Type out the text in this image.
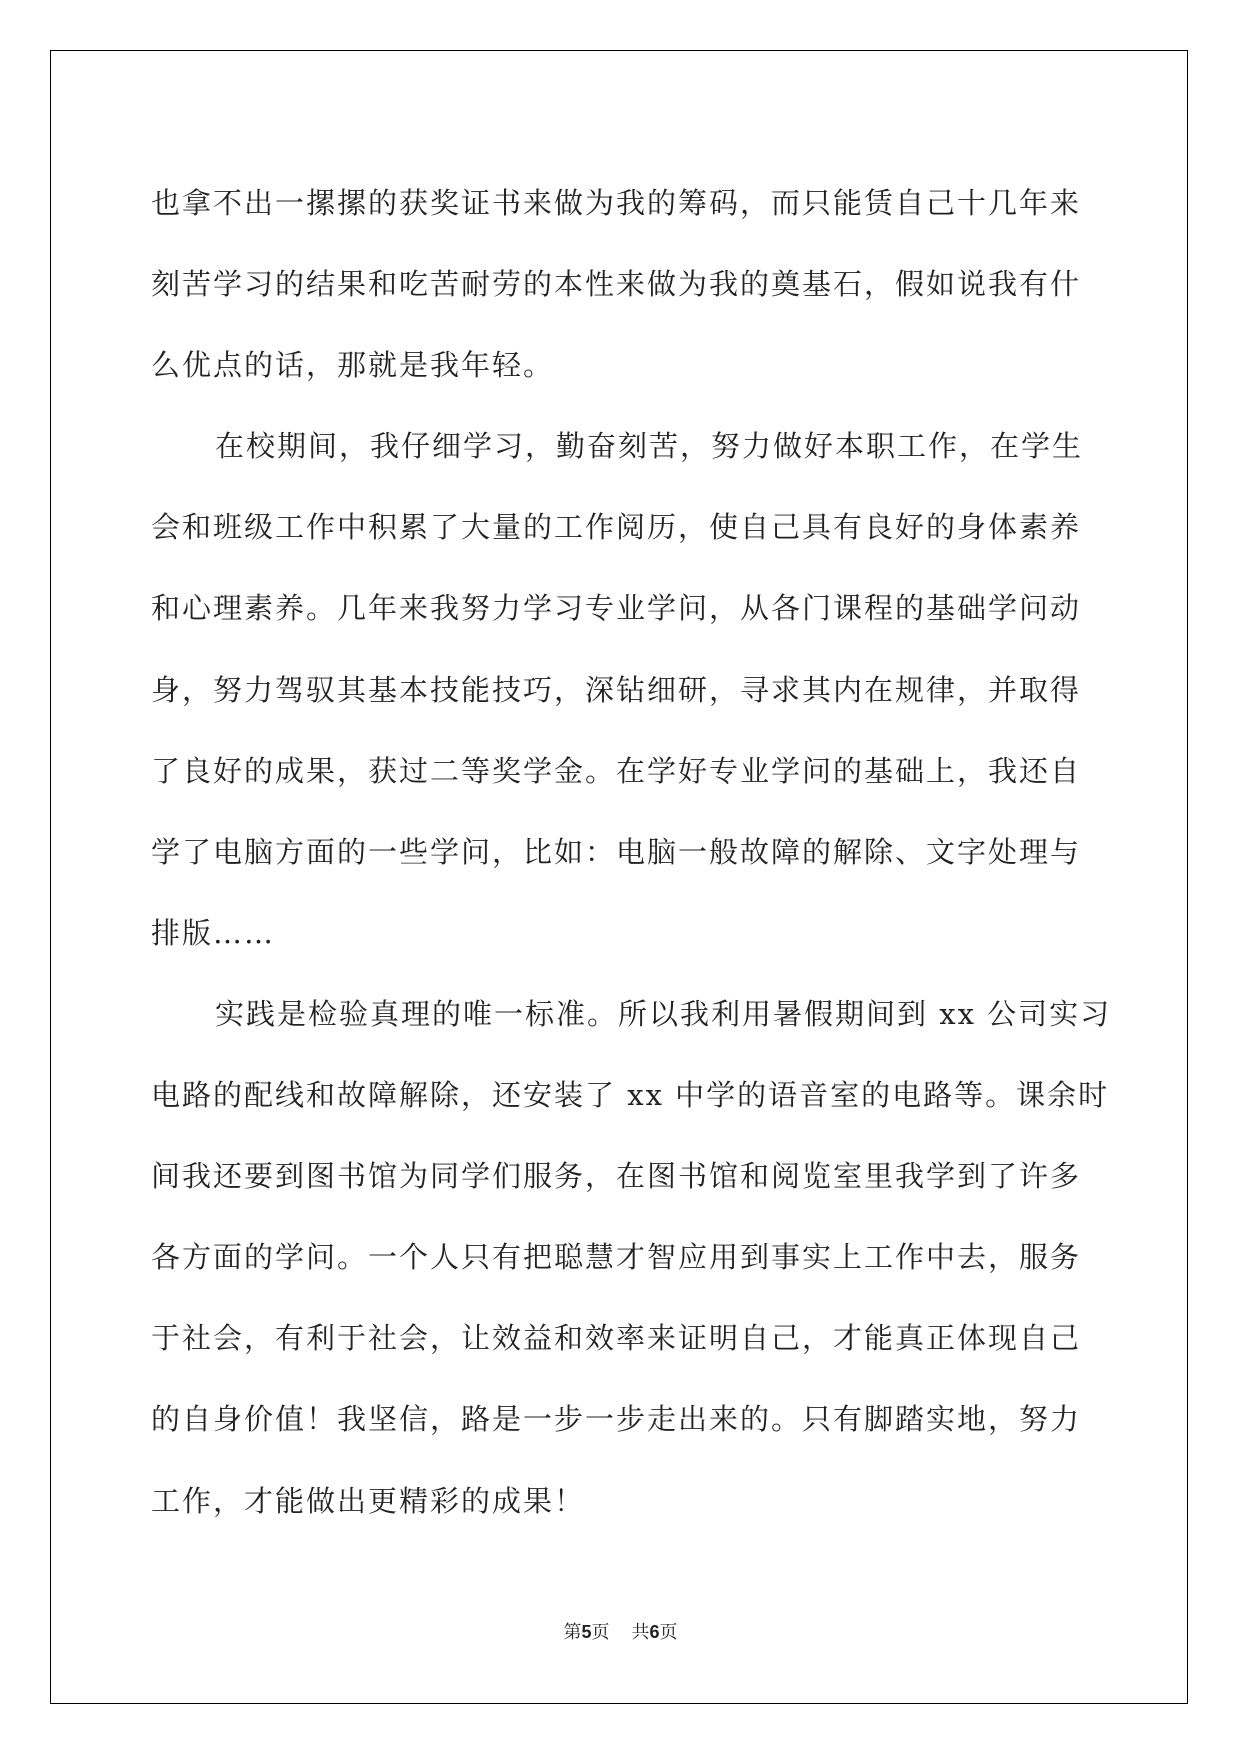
也拿不出一摞摞的获奖证书来做为我的筹码，而只能赁自己十几年来
刻苦学习的结果和吃苦耐劳的本性来做为我的奠基石，假如说我有什
么优点的话，那就是我年轻。
在校期间，我仔细学习，勤奋刻苦，努力做好本职工作，在学生
会和班级工作中积累了大量的工作阅历，使自己具有良好的身体素养
和心理素养。几年来我努力学习专业学问，从各门课程的基础学问动
身，努力驾驭其基本技能技巧，深钻细研，寻求其内在规律，并取得
了良好的成果，获过二等奖学金。在学好专业学问的基础上，我还自
学了电脑方面的一些学问，比如：电脑一般故障的解除、文字处理与
排版……
实践是检验真理的唯一标准。所以我利用暑假期间到 xx 公司实习
电路的配线和故障解除，还安装了 xx 中学的语音室的电路等。课余时
间我还要到图书馆为同学们服务，在图书馆和阅览室里我学到了许多
各方面的学问。一个人只有把聪慧才智应用到事实上工作中去，服务
于社会，有利于社会，让效益和效率来证明自己，才能真正体现自己
的自身价值！我坚信，路是一步一步走出来的。只有脚踏实地，努力
工作，才能做出更精彩的成果！
第5页 共6页
